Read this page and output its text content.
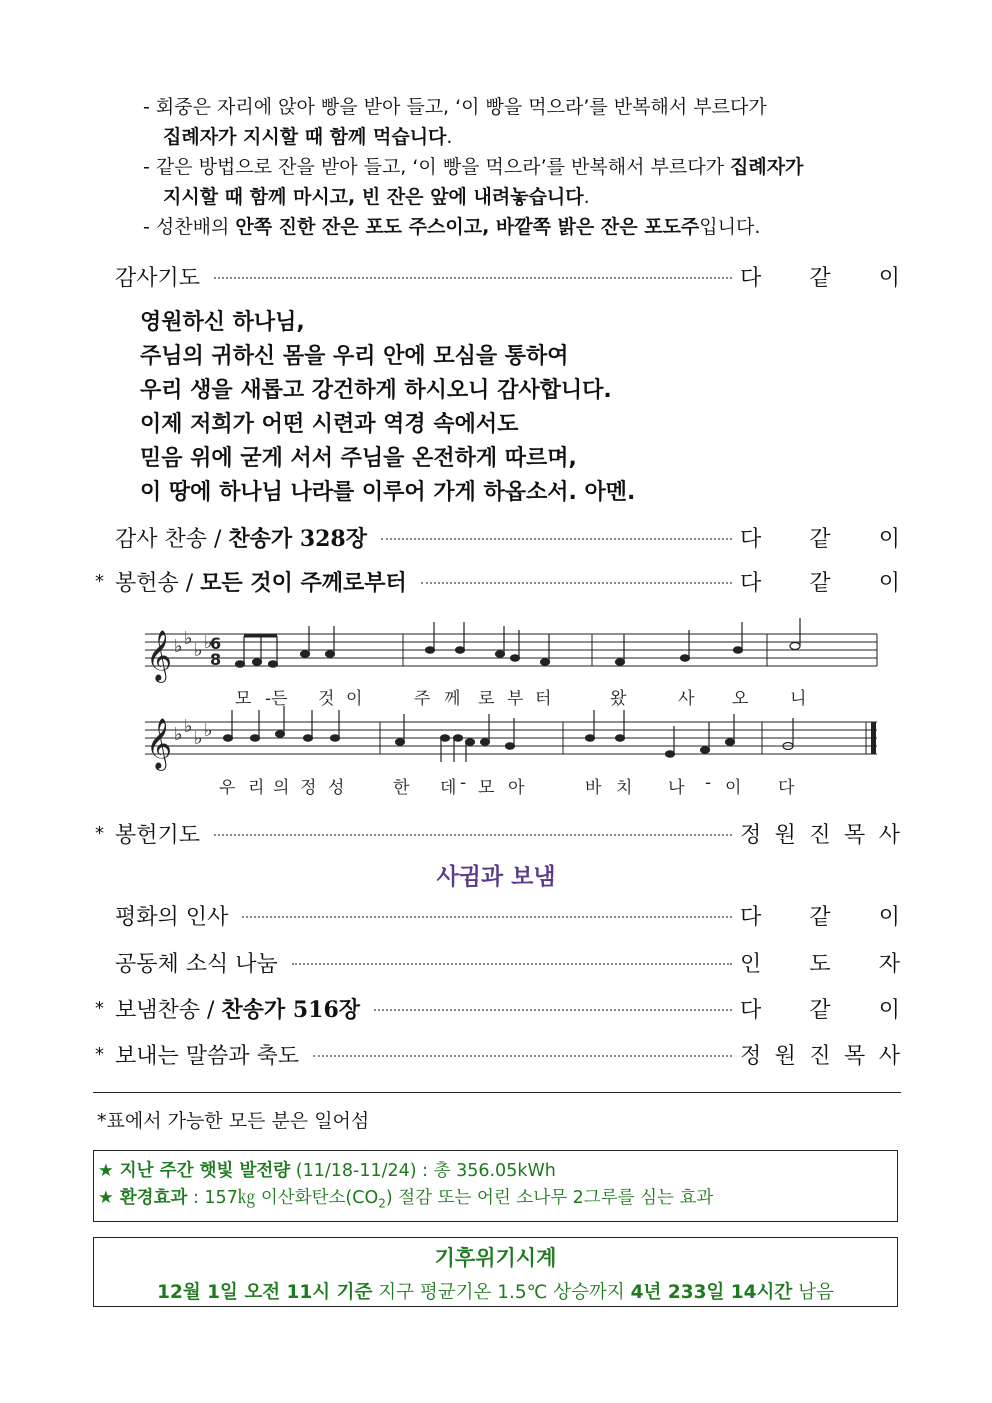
- 회중은 자리에 앉아 빵을 받아 들고, ‘이 빵을 먹으라’를 반복해서 부르다가
집례자가 지시할 때 함께 먹습니다.
- 같은 방법으로 잔을 받아 들고, ‘이 빵을 먹으라’를 반복해서 부르다가 집례자가
지시할 때 함께 마시고, 빈 잔은 앞에 내려놓습니다.
- 성찬배의 안쪽 진한 잔은 포도 주스이고, 바깥쪽 밝은 잔은 포도주입니다.
감사기도	다 같 이
영원하신 하나님,
주님의 귀하신 몸을 우리 안에 모심을 통하여
우리 생을 새롭고 강건하게 하시오니 감사합니다.
이제 저희가 어떤 시련과 역경 속에서도
믿음 위에 굳게 서서 주님을 온전하게 따르며,
이 땅에 하나님 나라를 이루어 가게 하옵소서. 아멘.
감사 찬송 / 찬송가 328장	다 같 이
* 봉헌송 / 모든 것이 주께로부터	다 같 이
𝄞
𝄞
♭ ♭
♭ ♭
♭ ♭
♭ ♭
6
8
모 -든 것 이	주 께 로 부 터	왔	사 오 니
우 리 의 정 성	한 데 - 모 아	바 치 나 - 이 다
* 봉헌기도	정 원 진 목 사
사귐과 보냄
평화의 인사	다 같 이
공동체 소식 나눔	인 도 자
* 보냄찬송 / 찬송가 516장	다 같 이
* 보내는 말씀과 축도	정 원 진 목 사
*표에서 가능한 모든 분은 일어섬
★ 지난 주간 햇빛 발전량 (11/18-11/24) : 총 356.05kWh
★ 환경효과 : 157㎏ 이산화탄소$(CO_2)$ 절감 또는 어린 소나무 2그루를 심는 효과
기후위기시계
12월 1일 오전 11시 기준 지구 평균기온 1.5℃ 상승까지 4년 233일 14시간 남음
